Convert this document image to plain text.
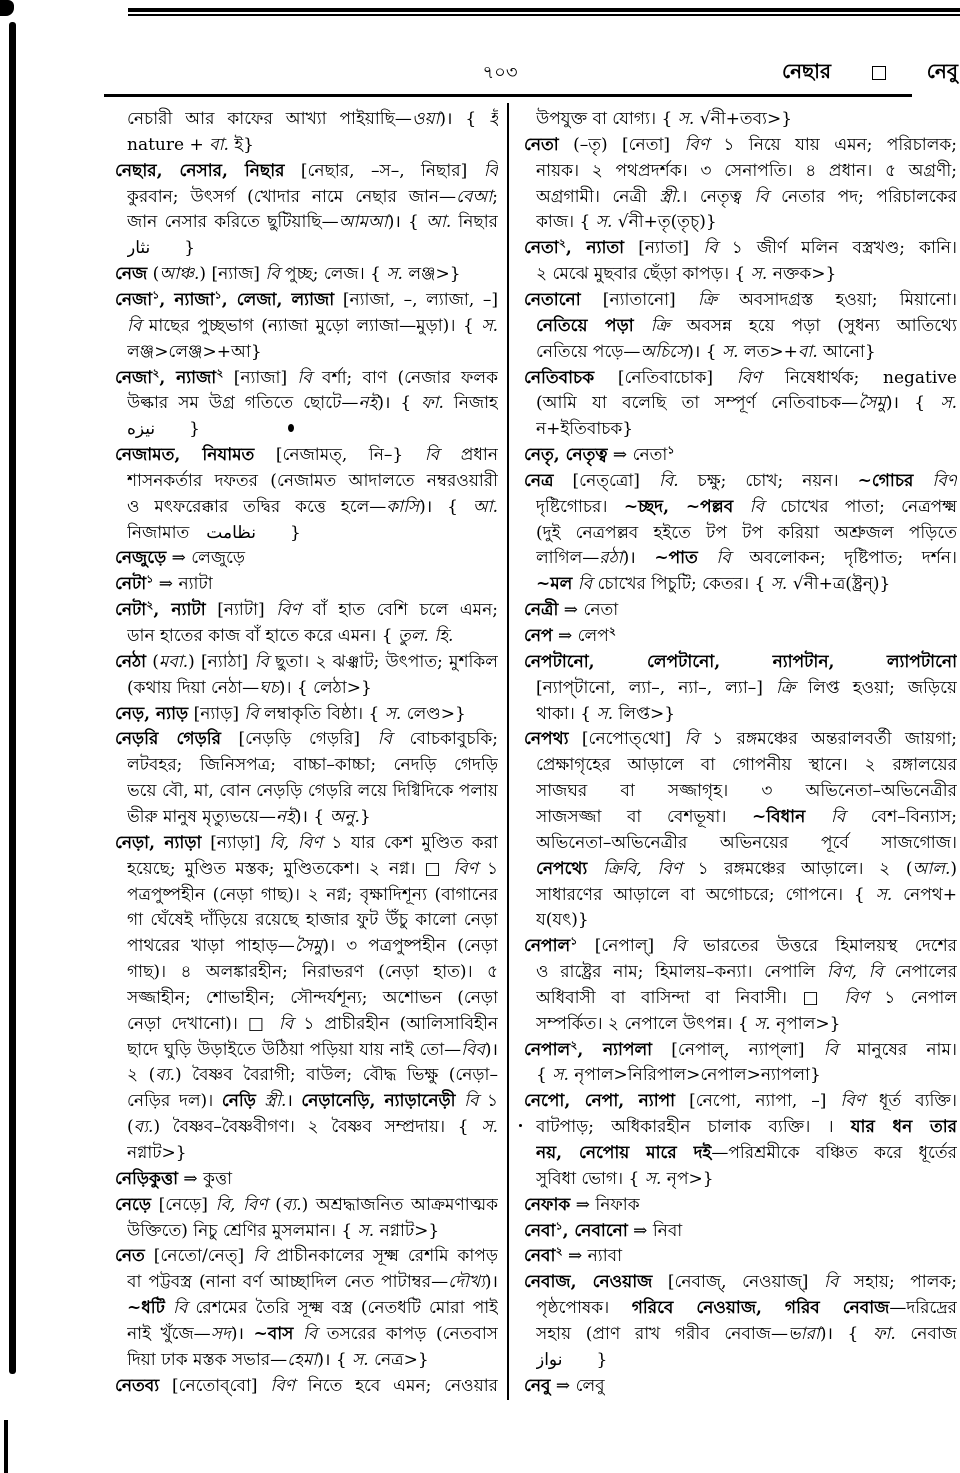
৭০৩	নেছার	নেবু
নেচারী আর কাফের আখ্যা পাইয়াছি—ওয়া)। { ই
nature + বা. ই}
নেছার, নেসার, নিছার [নেছার, –স–, নিছার] বি
কুরবান; উৎসর্গ (খোদার নামে নেছার জান—বেআ;
জান নেসার করিতে ছুটিয়াছি—আমআ)। { আ. নিছার
نثار  }
নেজ (আঞ্চ.) [ন্যাজ] বি পুচ্ছ; লেজ। { স. লঞ্জ>}
নেজা$^১$, ন্যাজা$^১$, লেজা, ল্যাজা [ন্যাজা, –, ল্যাজা, –]
বি মাছের পুচ্ছভাগ (ন্যাজা মুড়ো ল্যাজা—মুড়া)। { স.
লঞ্জ>লেঞ্জ>+আ}
নেজা$^২$, ন্যাজা$^২$ [ন্যাজা] বি বর্শা; বাণ (নেজার ফলক
উল্কার সম উগ্র গতিতে ছোটে—নই)। { ফা. নিজাহ
نیزه  }
নেজামত, নিযামত [নেজামত্, নি–} বি প্রধান
শাসনকর্তার দফতর (নেজামত আদালতে নম্বরওয়ারী
ও মৎফরেক্কার তদ্বির কত্তে হলে—কাসি)। { আ.
নিজামাত نظامت  }
নেজুড়ে ⇒ লেজুড়ে
নেটা$^১$ ⇒ ন্যাটা
নেটা$^২$, ন্যাটা [ন্যাটা] বিণ বাঁ হাত বেশি চলে এমন;
ডান হাতের কাজ বাঁ হাতে করে এমন। { তুল. হি.
নেঠা (মবা.) [ন্যাঠা] বি ছুতা। ২ ঝঞ্ঝাট; উৎপাত; মুশকিল
(কথায় দিয়া নেঠা—ঘচ)। { লেঠা>}
নেড়, ন্যাড় [ন্যাড়] বি লম্বাকৃতি বিষ্ঠা। { স. লেণ্ড>}
নেড়রি গেড়রি [নেড়ড়ি গেড়রি] বি বোচকাবুচকি;
লটবহর; জিনিসপত্র; বাচ্চা–কাচ্চা; নেদড়ি গেদড়ি
ভয়ে বৌ, মা, বোন নেড়ড়ি গেড়রি লয়ে দিগ্বিদিকে পলায়
ভীরু মানুষ মৃত্যুভয়ে—নই)। { অনু.}
নেড়া, ন্যাড়া [ন্যাড়া] বি, বিণ ১ যার কেশ মুণ্ডিত করা
হয়েছে; মুণ্ডিত মস্তক; মুণ্ডিতকেশ। ২ নগ্ন। □ বিণ ১
পত্রপুষ্পহীন (নেড়া গাছ)। ২ নগ্ন; বৃক্ষাদিশূন্য (বাগানের
গা ঘেঁষেই দাঁড়িয়ে রয়েছে হাজার ফুট উঁচু কালো নেড়া
পাথরের খাড়া পাহাড়—সৈমু)। ৩ পত্রপুষ্পহীন (নেড়া
গাছ)। ৪ অলঙ্কারহীন; নিরাভরণ (নেড়া হাত)। ৫
সজ্জাহীন; শোভাহীন; সৌন্দর্যশূন্য; অশোভন (নেড়া
নেড়া দেখানো)। □ বি ১ প্রাচীরহীন (আলিসাবিহীন
ছাদে ঘুড়ি উড়াইতে উঠিয়া পড়িয়া যায় নাই তো—বিব)।
২ (ব্য.) বৈষ্ণব বৈরাগী; বাউল; বৌদ্ধ ভিক্ষু (নেড়া–
নেড়ির দল)। নেড়ি স্ত্রী.। নেড়ানেড়ি, ন্যাড়ানেড়ী বি ১
(ব্য.) বৈষ্ণব–বৈষ্ণবীগণ। ২ বৈষ্ণব সম্প্রদায়। { স.
নগ্নাট>}
নেড়িকুত্তা ⇒ কুত্তা
নেড়ে [নেড়ে] বি, বিণ (ব্য.) অশ্রদ্ধাজনিত আক্রমণাত্মক
উক্তিতে) নিচু শ্রেণির মুসলমান। { স. নগ্নাট>}
নেত [নেতো/নেত্] বি প্রাচীনকালের সূক্ষ্ম রেশমি কাপড়
বা পট্টবস্ত্র (নানা বর্ণ আচ্ছাদিল নেত পাটাম্বর—দৌখ্য)।
~ধটি বি রেশমের তৈরি সূক্ষ্ম বস্ত্র (নেতধটি মোরা পাই
নাই খুঁজে—সদ)। ~বাস বি তসরের কাপড় (নেতবাস
দিয়া ঢাক মস্তক সভার—হেমা)। { স. নেত্র>}
নেতব্য [নেতোব্‌বো] বিণ নিতে হবে এমন; নেওয়ার
উপযুক্ত বা যোগ্য। { স. √নী+তব্য>}
নেতা (–তৃ) [নেতা] বিণ ১ নিয়ে যায় এমন; পরিচালক;
নায়ক। ২ পথপ্রদর্শক। ৩ সেনাপতি। ৪ প্রধান। ৫ অগ্রণী;
অগ্রগামী। নেত্রী স্ত্রী.। নেতৃত্ব বি নেতার পদ; পরিচালকের
কাজ। { স. √নী+তৃ(তৃচ্)}
নেতা$^২$, ন্যাতা [ন্যাতা] বি ১ জীর্ণ মলিন বস্ত্রখণ্ড; কানি।
২ মেঝে মুছবার ছেঁড়া কাপড়। { স. নক্তক>}
নেতানো [ন্যাতানো] ক্রি অবসাদগ্রস্ত হওয়া; মিয়ানো।
নেতিয়ে পড়া ক্রি অবসন্ন হয়ে পড়া (সুধন্য আতিথ্যে
নেতিয়ে পড়ে—অচিসে)। { স. লত>+বা. আনো}
নেতিবাচক [নেতিবাচোক] বিণ নিষেধার্থক; negative
(আমি যা বলেছি তা সম্পূর্ণ নেতিবাচক—সৈমু)। { স.
ন+ইতিবাচক}
নেতৃ, নেতৃত্ব ⇒ নেতা$^১$
নেত্র [নেত্‌ত্রো] বি. চক্ষু; চোখ; নয়ন। ~গোচর বিণ
দৃষ্টিগোচর। ~চ্ছদ, ~পল্লব বি চোখের পাতা; নেত্রপক্ষ্ম
(দুই নেত্রপল্লব হইতে টপ টপ করিয়া অশ্রুজল পড়িতে
লাগিল—রঠা)। ~পাত বি অবলোকন; দৃষ্টিপাত; দর্শন।
~মল বি চোখের পিচুটি; কেতর। { স. √নী+ত্র(ষ্ট্রন্)}
নেত্রী ⇒ নেতা
নেপ ⇒ লেপ$^২$
নেপটানো, লেপটানো, ন্যাপটান, ল্যাপটানো
[ন্যাপ্‌টানো, ল্যা–, ন্যা–, ল্যা–] ক্রি লিপ্ত হওয়া; জড়িয়ে
থাকা। { স. লিপ্ত>}
নেপথ্য [নেপোত্‌থো] বি ১ রঙ্গমঞ্চের অন্তরালবর্তী জায়গা;
প্রেক্ষাগৃহের আড়ালে বা গোপনীয় স্থানে। ২ রঙ্গালয়ের
সাজঘর বা সজ্জাগৃহ। ৩ অভিনেতা–অভিনেত্রীর
সাজসজ্জা বা বেশভূষা। ~বিধান বি বেশ–বিন্যাস;
অভিনেতা–অভিনেত্রীর অভিনয়ের পূর্বে সাজগোজ।
নেপথ্যে ক্রিবি, বিণ ১ রঙ্গমঞ্চের আড়ালে। ২ (আল.)
সাধারণের আড়ালে বা অগোচরে; গোপনে। { স. নেপথ+
য(যৎ)}
নেপাল$^১$ [নেপাল্] বি ভারতের উত্তরে হিমালয়স্থ দেশের
ও রাষ্ট্রের নাম; হিমালয়–কন্যা। নেপালি বিণ, বি নেপালের
অধিবাসী বা বাসিন্দা বা নিবাসী। □ বিণ ১ নেপাল
সম্পর্কিত। ২ নেপালে উৎপন্ন। { স. নৃপাল>}
নেপাল$^২$, ন্যাপলা [নেপাল্, ন্যাপ্‌লা] বি মানুষের নাম।
{ স. নৃপাল>নিরিপাল>নেপাল>ন্যাপলা}
নেপো, নেপা, ন্যাপা [নেপো, ন্যাপা, –] বিণ ধূর্ত ব্যক্তি।
বাটপাড়; অধিকারহীন চালাক ব্যক্তি। । যার ধন তার
নয়, নেপোয় মারে দই—পরিশ্রমীকে বঞ্চিত করে ধূর্তের
সুবিধা ভোগ। { স. নৃপ>}
নেফাক ⇒ নিফাক
নেবা$^১$, নেবানো ⇒ নিবা
নেবা$^২$ ⇒ ন্যাবা
নেবাজ, নেওয়াজ [নেবাজ্, নেওয়াজ্] বি সহায়; পালক;
পৃষ্ঠপোষক। গরিবে নেওয়াজ, গরিব নেবাজ—দরিদ্রের
সহায় (প্রাণ রাখ গরীব নেবাজ—ভারা)। { ফা. নেবাজ
نواز  }
নেবু ⇒ লেবু
